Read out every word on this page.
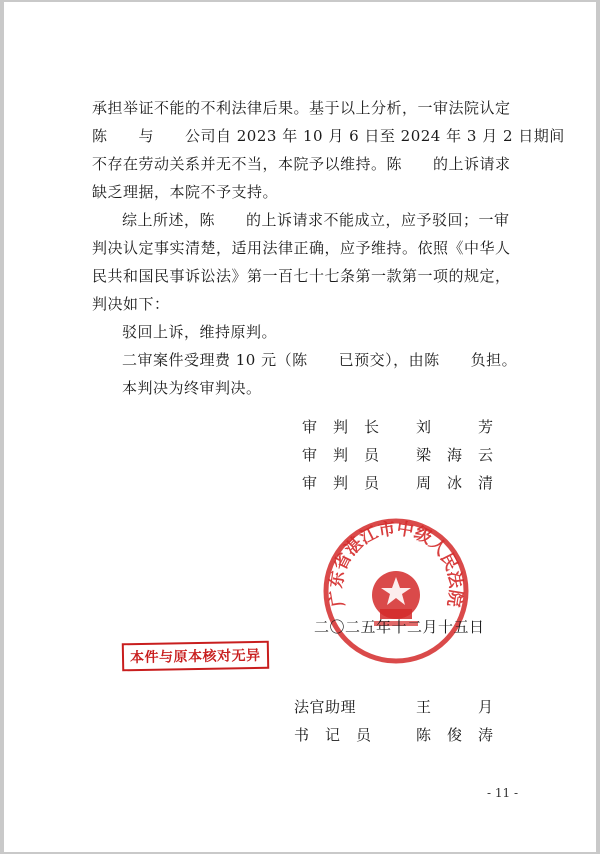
承担举证不能的不利法律后果。基于以上分析，一审法院认定
陈　　与　　公司自 2023 年 10 月 6 日至 2024 年 3 月 2 日期间
不存在劳动关系并无不当，本院予以维持。陈　　的上诉请求
缺乏理据，本院不予支持。
综上所述，陈　　的上诉请求不能成立，应予驳回；一审
判决认定事实清楚，适用法律正确，应予维持。依照《中华人
民共和国民事诉讼法》第一百七十七条第一款第一项的规定，
判决如下：
驳回上诉，维持原判。
二审案件受理费 10 元（陈　　已预交），由陈　　负担。
本判决为终审判决。
审　判　长 刘　　　芳
审　判　员 梁　海　云
审　判　员 周　冰　清
广东省湛江市中级人民法院
二〇二五年十二月十五日
本件与原本核对无异
法官助理	王　　　月
书　记　员	陈　俊　涛
- 11 -
